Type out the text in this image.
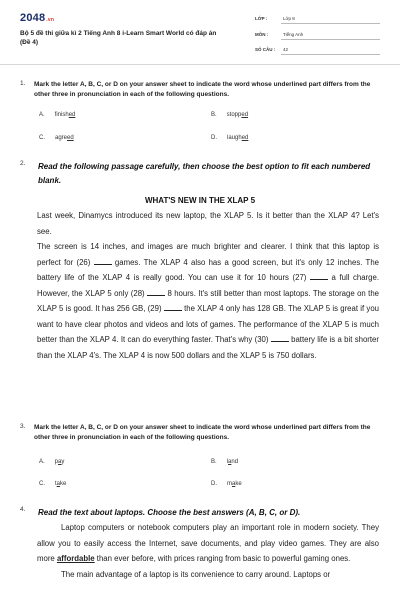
2048.vn
Bộ 5 đề thi giữa kì 2 Tiếng Anh 8 i-Learn Smart World có đáp án (Đề 4)
LỚP :	Lớp 8
MÔN :	Tiếng Anh
SỐ CÂU : 42
1. Mark the letter A, B, C, or D on your answer sheet to indicate the word whose underlined part differs from the other three in pronunciation in each of the following questions.
A. finished	B. stopped
C. agreed	D. laughed
2. Read the following passage carefully, then choose the best option to fit each numbered blank.
WHAT'S NEW IN THE XLAP 5

Last week, Dinamycs introduced its new laptop, the XLAP 5. Is it better than the XLAP 4? Let's see.

The screen is 14 inches, and images are much brighter and clearer. I think that this laptop is perfect for (26)  games. The XLAP 4 also has a good screen, but it's only 12 inches. The battery life of the XLAP 4 is really good. You can use it for 10 hours (27)  a full charge. However, the XLAP 5 only (28)  8 hours. It's still better than most laptops. The storage on the XLAP 5 is good. It has 256 GB, (29)  the XLAP 4 only has 128 GB. The XLAP 5 is great if you want to have clear photos and videos and lots of games. The performance of the XLAP 5 is much better than the XLAP 4. It can do everything faster. That's why (30)  battery life is a bit shorter than the XLAP 4's. The XLAP 4 is now 500 dollars and the XLAP 5 is 750 dollars.

3. Mark the letter A, B, C, or D on your answer sheet to indicate the word whose underlined part differs from the other three in pronunciation in each of the following questions.
A. pay	B. land
C. take	D. make
4. Read the text about laptops. Choose the best answers (A, B, C, or D).

Laptop computers or notebook computers play an important role in modern society. They allow you to easily access the Internet, save documents, and play video games. They are also more affordable than ever before, with prices ranging from basic to powerful gaming ones.

The main advantage of a laptop is its convenience to carry around. Laptops or
